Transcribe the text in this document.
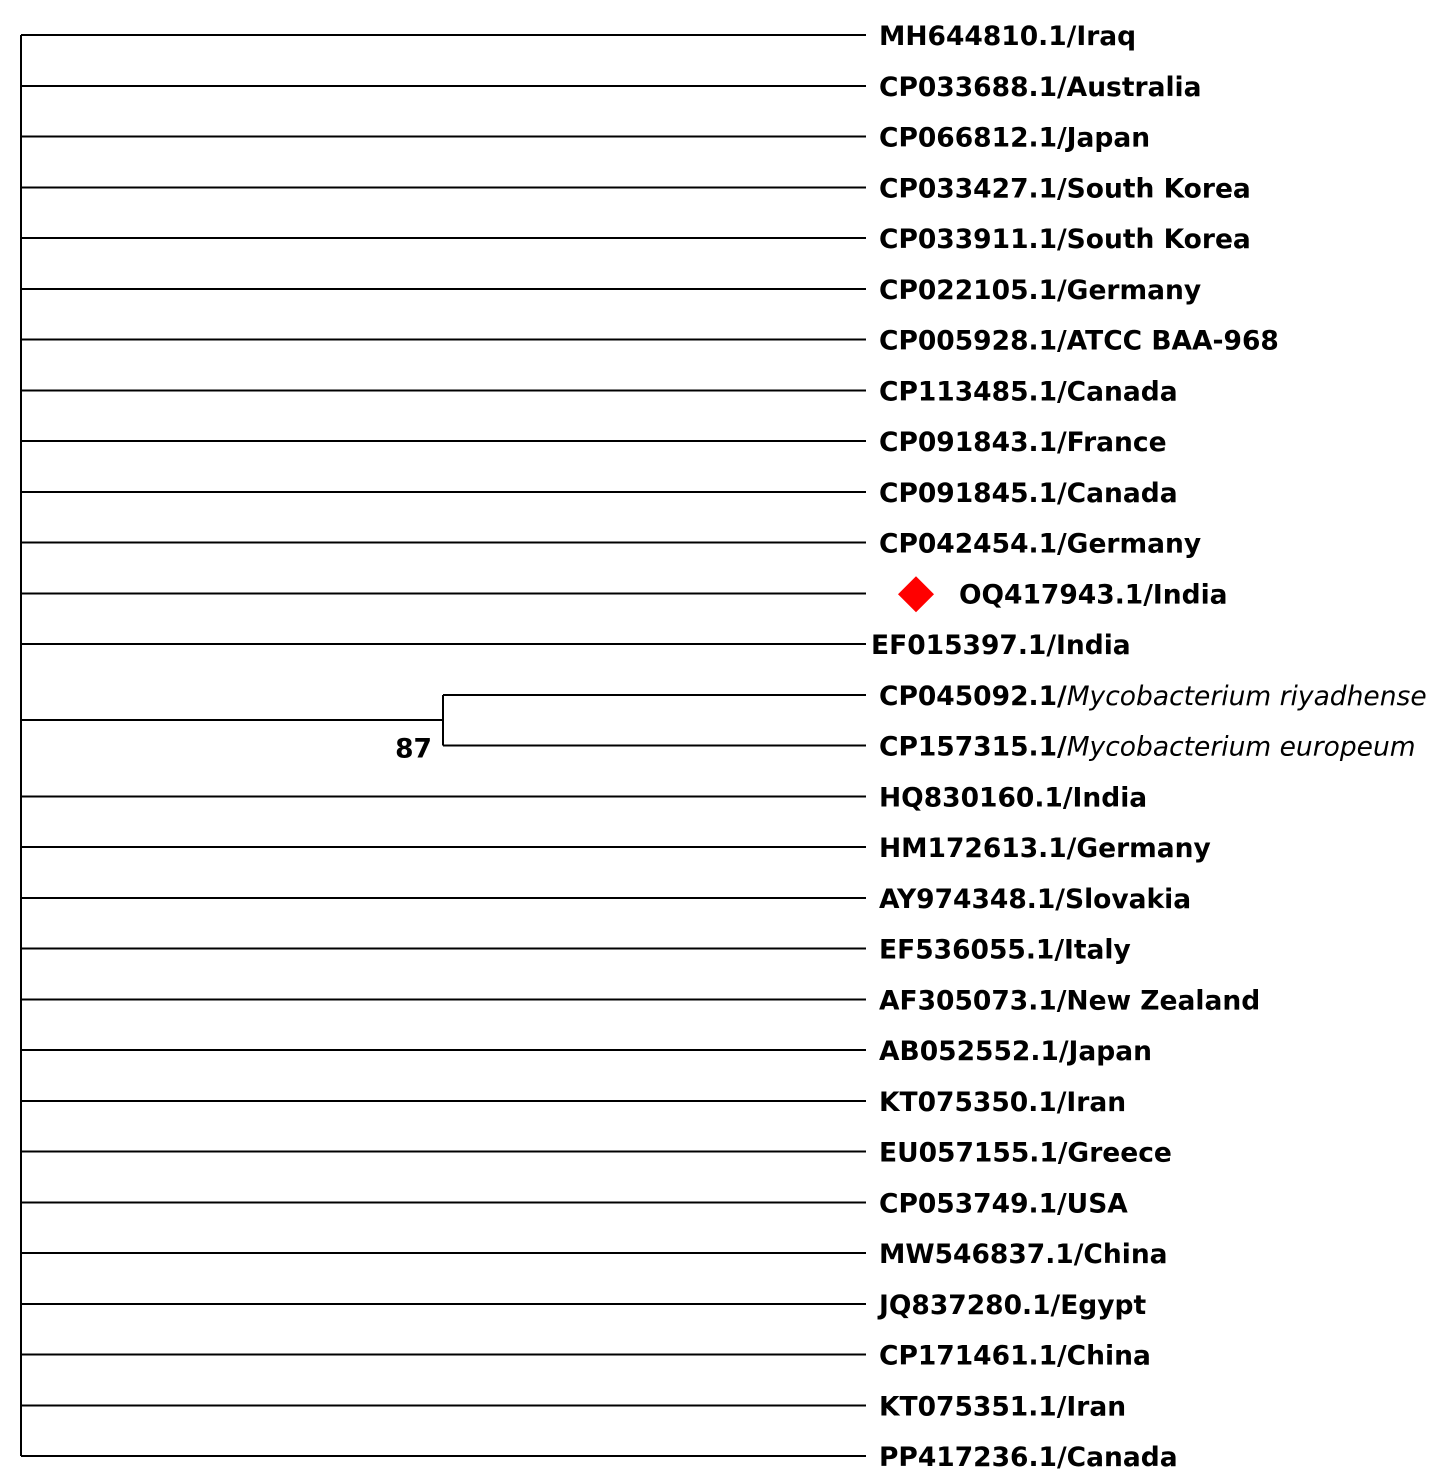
87
MH644810.1/Iraq
CP033688.1/Australia
CP066812.1/Japan
CP033427.1/South Korea
CP033911.1/South Korea
CP022105.1/Germany
CP005928.1/ATCC BAA-968
CP113485.1/Canada
CP091843.1/France
CP091845.1/Canada
CP042454.1/Germany
OQ417943.1/India
EF015397.1/India
CP045092.1/Mycobacterium riyadhense
CP157315.1/Mycobacterium europeum
HQ830160.1/India
HM172613.1/Germany
AY974348.1/Slovakia
EF536055.1/Italy
AF305073.1/New Zealand
AB052552.1/Japan
KT075350.1/Iran
EU057155.1/Greece
CP053749.1/USA
MW546837.1/China
JQ837280.1/Egypt
CP171461.1/China
KT075351.1/Iran
PP417236.1/Canada
